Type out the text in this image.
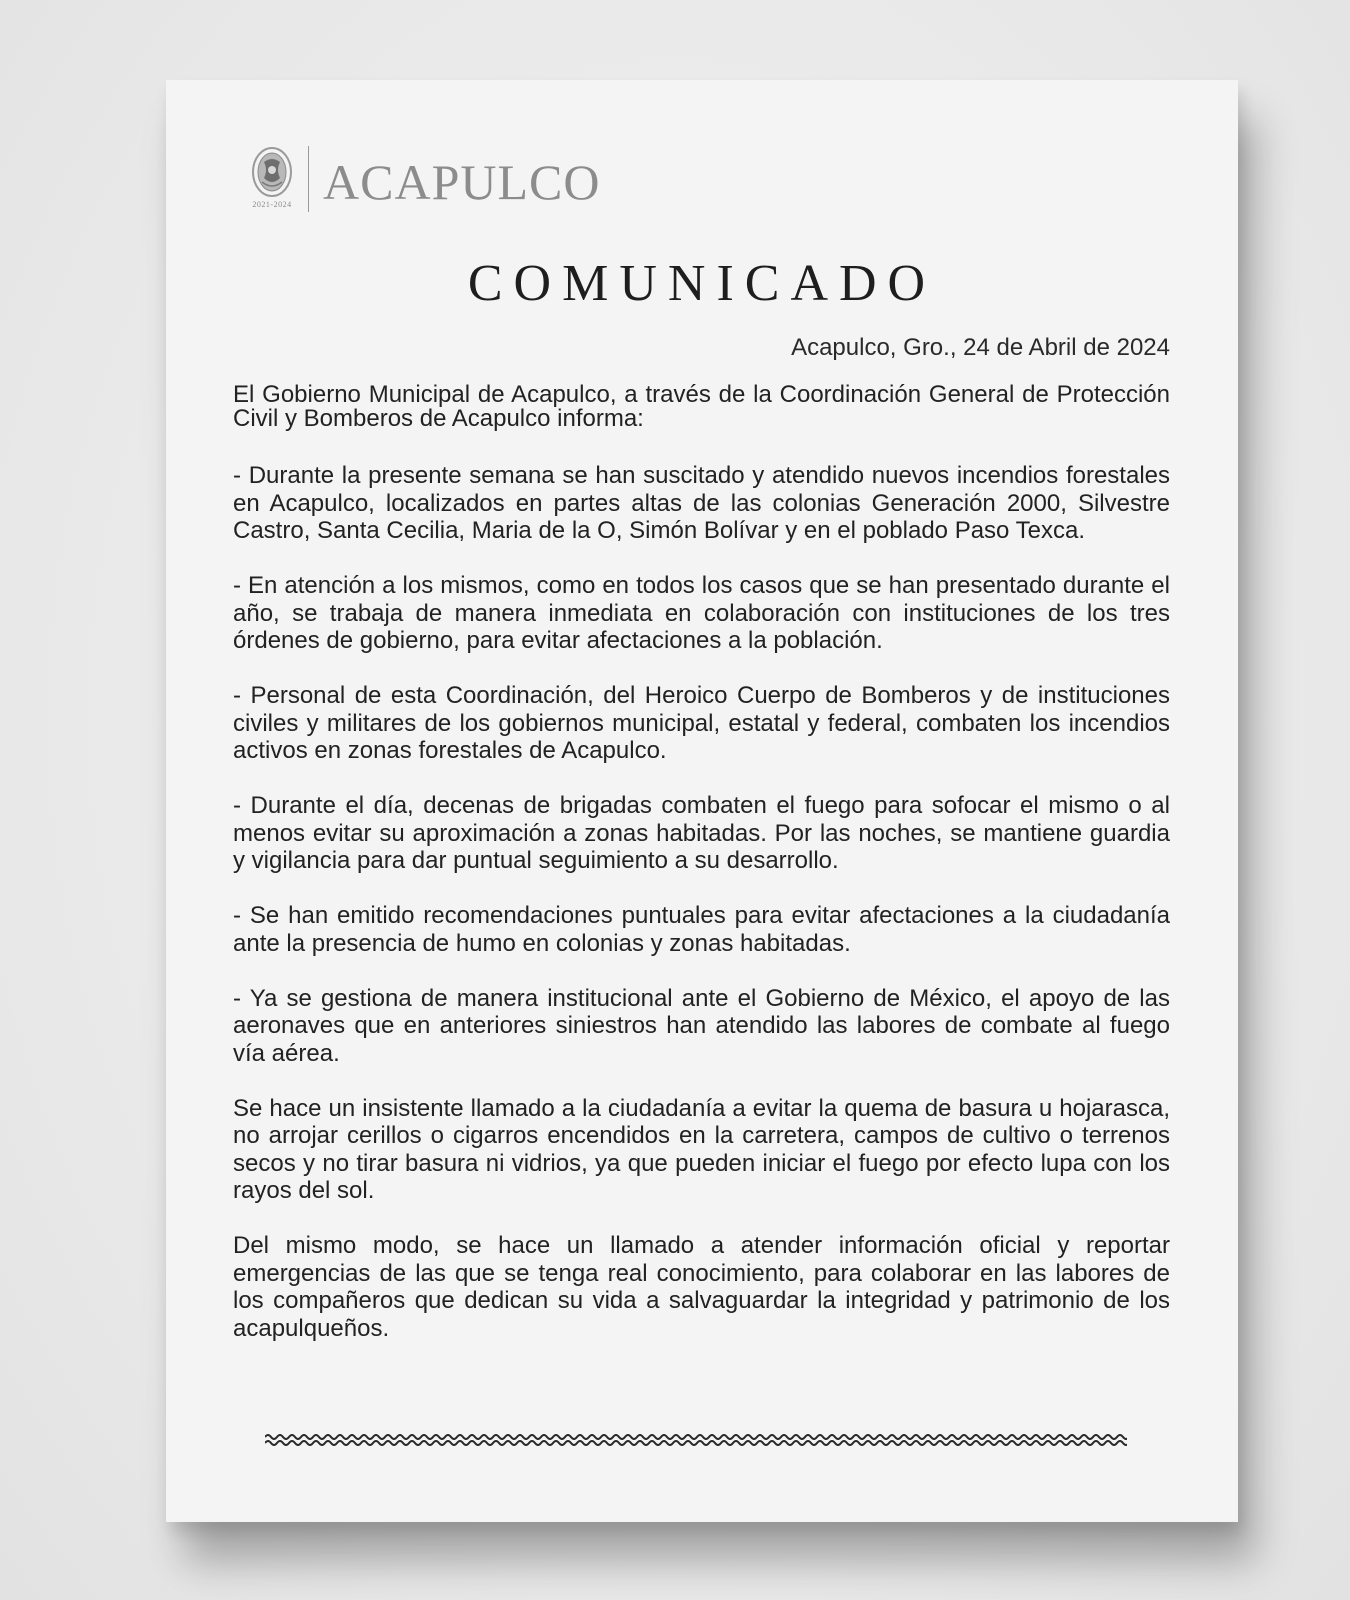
2021-2024 ACAPULCO
COMUNICADO
Acapulco, Gro., 24 de Abril de 2024

El Gobierno Municipal de Acapulco, a través de la Coordinación General de Protección Civil y Bomberos de Acapulco informa:

- Durante la presente semana se han suscitado y atendido nuevos incendios forestales en Acapulco, localizados en partes altas de las colonias Generación 2000, Silvestre Castro, Santa Cecilia, Maria de la O, Simón Bolívar y en el poblado Paso Texca.

- En atención a los mismos, como en todos los casos que se han presentado durante el año, se trabaja de manera inmediata en colaboración con instituciones de los tres órdenes de gobierno, para evitar afectaciones a la población.

- Personal de esta Coordinación, del Heroico Cuerpo de Bomberos y de instituciones civiles y militares de los gobiernos municipal, estatal y federal, combaten los incendios activos en zonas forestales de Acapulco.

- Durante el día, decenas de brigadas combaten el fuego para sofocar el mismo o al menos evitar su aproximación a zonas habitadas. Por las noches, se mantiene guardia y vigilancia para dar puntual seguimiento a su desarrollo.

- Se han emitido recomendaciones puntuales para evitar afectaciones a la ciudadanía ante la presencia de humo en colonias y zonas habitadas.

- Ya se gestiona de manera institucional ante el Gobierno de México, el apoyo de las aeronaves que en anteriores siniestros han atendido las labores de combate al fuego vía aérea.

Se hace un insistente llamado a la ciudadanía a evitar la quema de basura u hojarasca, no arrojar cerillos o cigarros encendidos en la carretera, campos de cultivo o terrenos secos y no tirar basura ni vidrios, ya que pueden iniciar el fuego por efecto lupa con los rayos del sol.

Del mismo modo, se hace un llamado a atender información oficial y reportar emergencias de las que se tenga real conocimiento, para colaborar en las labores de los compañeros que dedican su vida a salvaguardar la integridad y patrimonio de los acapulqueños.
